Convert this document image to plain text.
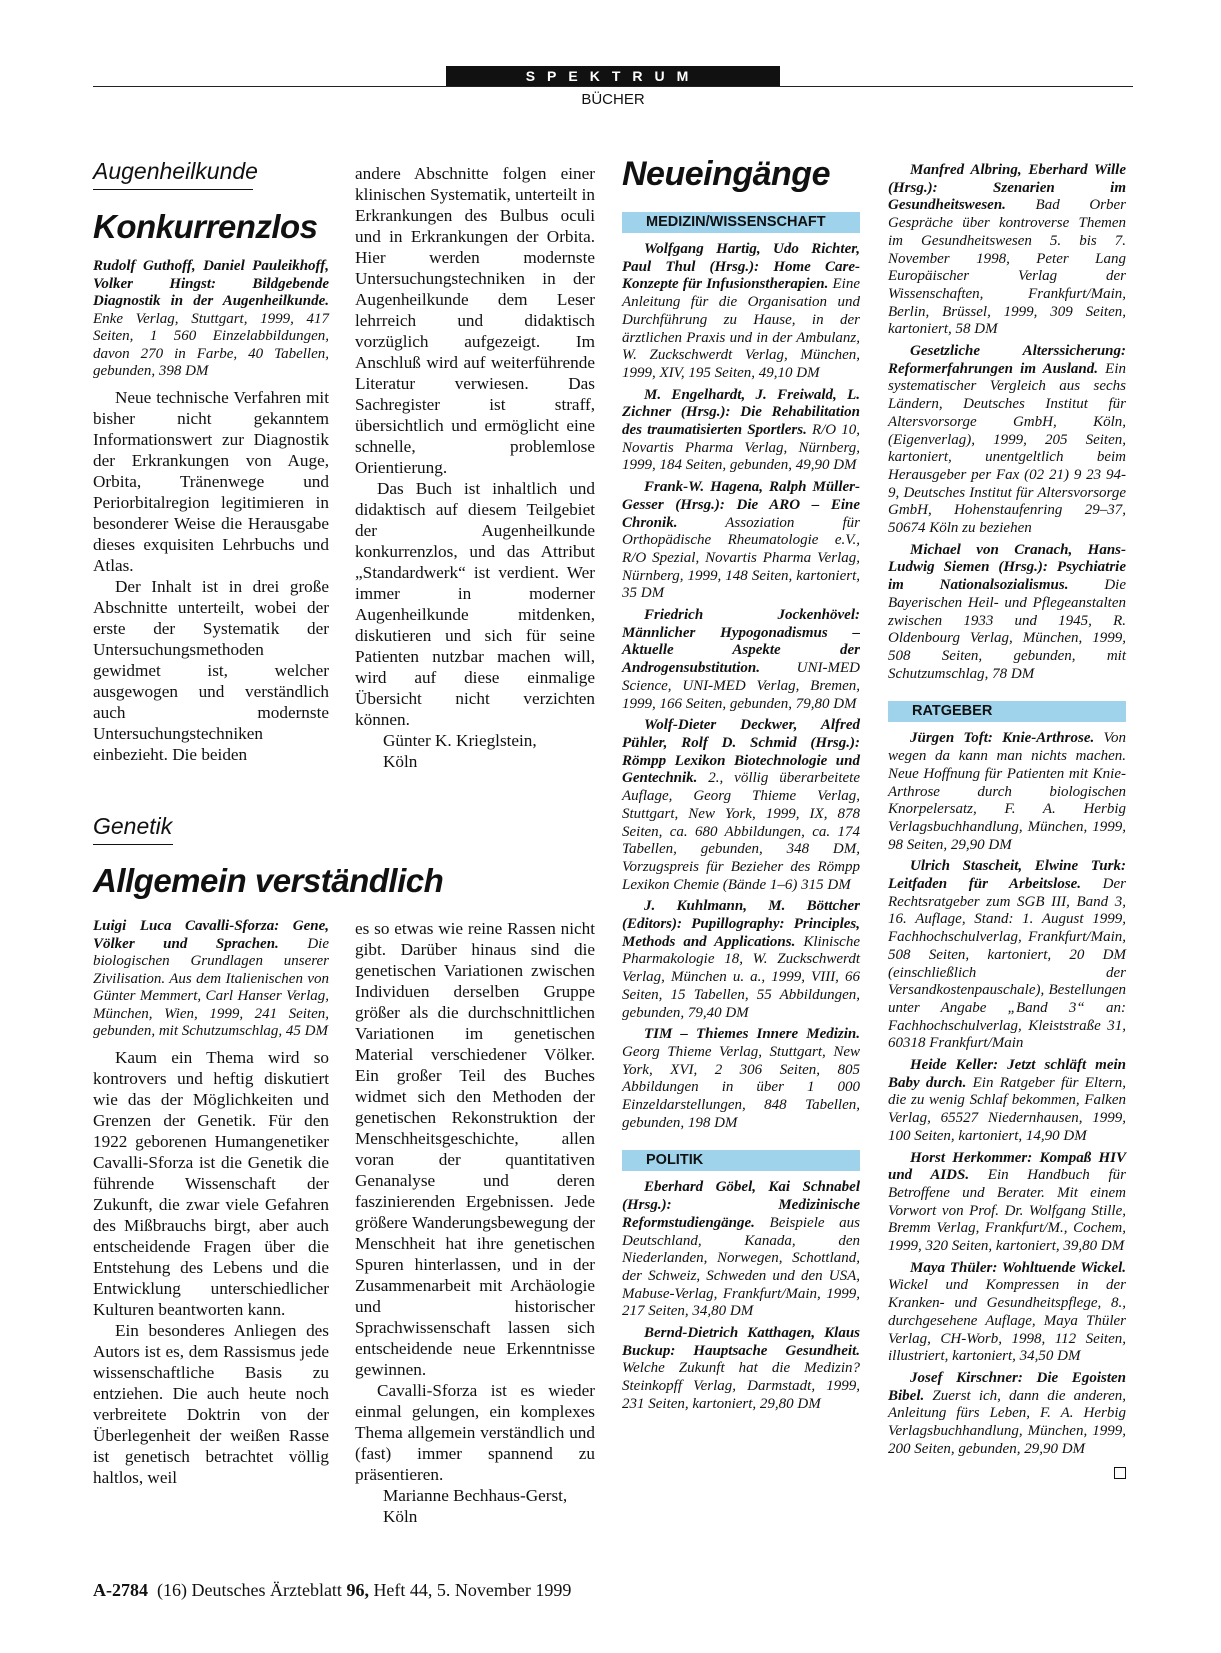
SPEKTRUM
BÜCHER
Augenheilkunde
Konkurrenzlos

Rudolf Guthoff, Daniel Pauleikhoff, Volker Hingst: Bildgebende Diagnostik in der Augenheilkunde. Enke Verlag, Stuttgart, 1999, 417 Seiten, 1 560 Einzelabbildungen, davon 270 in Farbe, 40 Tabellen, gebunden, 398 DM

Neue technische Verfahren mit bisher nicht gekanntem Informationswert zur Diagnostik der Erkrankungen von Auge, Orbita, Tränenwege und Periorbitalregion legitimieren in besonderer Weise die Herausgabe dieses exquisiten Lehrbuchs und Atlas.

Der Inhalt ist in drei große Abschnitte unterteilt, wobei der erste der Systematik der Untersuchungsmethoden gewidmet ist, welcher ausgewogen und verständlich auch modernste Untersuchungstechniken einbezieht. Die beiden

andere Abschnitte folgen einer klinischen Systematik, unterteilt in Erkrankungen des Bulbus oculi und in Erkrankungen der Orbita. Hier werden modernste Untersuchungstechniken in der Augenheilkunde dem Leser lehrreich und didaktisch vorzüglich aufgezeigt. Im Anschluß wird auf weiterführende Literatur verwiesen. Das Sachregister ist straff, übersichtlich und ermöglicht eine schnelle, problemlose Orientierung.

Das Buch ist inhaltlich und didaktisch auf diesem Teilgebiet der Augenheilkunde konkurrenzlos, und das Attribut „Standardwerk“ ist verdient. Wer immer in moderner Augenheilkunde mitdenken, diskutieren und sich für seine Patienten nutzbar machen will, wird auf diese einmalige Übersicht nicht verzichten können.

Günter K. Krieglstein,

Köln

Genetik
Allgemein verständlich

Luigi Luca Cavalli-Sforza: Gene, Völker und Sprachen. Die biologischen Grundlagen unserer Zivilisation. Aus dem Italienischen von Günter Memmert, Carl Hanser Verlag, München, Wien, 1999, 241 Seiten, gebunden, mit Schutzumschlag, 45 DM

Kaum ein Thema wird so kontrovers und heftig diskutiert wie das der Möglichkeiten und Grenzen der Genetik. Für den 1922 geborenen Humangenetiker Cavalli-Sforza ist die Genetik die führende Wissenschaft der Zukunft, die zwar viele Gefahren des Mißbrauchs birgt, aber auch entscheidende Fragen über die Entstehung des Lebens und die Entwicklung unterschiedlicher Kulturen beantworten kann.

Ein besonderes Anliegen des Autors ist es, dem Rassismus jede wissenschaftliche Basis zu entziehen. Die auch heute noch verbreitete Doktrin von der Überlegenheit der weißen Rasse ist genetisch betrachtet völlig haltlos, weil

es so etwas wie reine Rassen nicht gibt. Darüber hinaus sind die genetischen Variationen zwischen Individuen derselben Gruppe größer als die durchschnittlichen Variationen im genetischen Material verschiedener Völker. Ein großer Teil des Buches widmet sich den Methoden der genetischen Rekonstruktion der Menschheitsgeschichte, allen voran der quantitativen Genanalyse und deren faszinierenden Ergebnissen. Jede größere Wanderungsbewegung der Menschheit hat ihre genetischen Spuren hinterlassen, und in der Zusammenarbeit mit Archäologie und historischer Sprachwissenschaft lassen sich entscheidende neue Erkenntnisse gewinnen.

Cavalli-Sforza ist es wieder einmal gelungen, ein komplexes Thema allgemein verständlich und (fast) immer spannend zu präsentieren.

Marianne Bechhaus-Gerst,

Köln

Neueingänge
MEDIZIN/WISSENSCHAFT

Wolfgang Hartig, Udo Richter, Paul Thul (Hrsg.): Home Care-Konzepte für Infusionstherapien. Eine Anleitung für die Organisation und Durchführung zu Hause, in der ärztlichen Praxis und in der Ambulanz, W. Zuckschwerdt Verlag, München, 1999, XIV, 195 Seiten, 49,10 DM

M. Engelhardt, J. Freiwald, L. Zichner (Hrsg.): Die Rehabilitation des traumatisierten Sportlers. R/O 10, Novartis Pharma Verlag, Nürnberg, 1999, 184 Seiten, gebunden, 49,90 DM

Frank-W. Hagena, Ralph Müller-Gesser (Hrsg.): Die ARO – Eine Chronik. Assoziation für Orthopädische Rheumatologie e.V., R/O Spezial, Novartis Pharma Verlag, Nürnberg, 1999, 148 Seiten, kartoniert, 35 DM

Friedrich Jockenhövel: Männlicher Hypogonadismus – Aktuelle Aspekte der Androgensubstitution. UNI-MED Science, UNI-MED Verlag, Bremen, 1999, 166 Seiten, gebunden, 79,80 DM

Wolf-Dieter Deckwer, Alfred Pühler, Rolf D. Schmid (Hrsg.): Römpp Lexikon Biotechnologie und Gentechnik. 2., völlig überarbeitete Auflage, Georg Thieme Verlag, Stuttgart, New York, 1999, IX, 878 Seiten, ca. 680 Abbildungen, ca. 174 Tabellen, gebunden, 348 DM, Vorzugspreis für Bezieher des Römpp Lexikon Chemie (Bände 1–6) 315 DM

J. Kuhlmann, M. Böttcher (Editors): Pupillography: Principles, Methods and Applications. Klinische Pharmakologie 18, W. Zuckschwerdt Verlag, München u. a., 1999, VIII, 66 Seiten, 15 Tabellen, 55 Abbildungen, gebunden, 79,40 DM

TIM – Thiemes Innere Medizin. Georg Thieme Verlag, Stuttgart, New York, XVI, 2 306 Seiten, 805 Abbildungen in über 1 000 Einzeldarstellungen, 848 Tabellen, gebunden, 198 DM

POLITIK

Eberhard Göbel, Kai Schnabel (Hrsg.): Medizinische Reformstudiengänge. Beispiele aus Deutschland, Kanada, den Niederlanden, Norwegen, Schottland, der Schweiz, Schweden und den USA, Mabuse-Verlag, Frankfurt/Main, 1999, 217 Seiten, 34,80 DM

Bernd-Dietrich Katthagen, Klaus Buckup: Hauptsache Gesundheit. Welche Zukunft hat die Medizin? Steinkopff Verlag, Darmstadt, 1999, 231 Seiten, kartoniert, 29,80 DM

Manfred Albring, Eberhard Wille (Hrsg.): Szenarien im Gesundheitswesen. Bad Orber Gespräche über kontroverse Themen im Gesundheitswesen 5. bis 7. November 1998, Peter Lang Europäischer Verlag der Wissenschaften, Frankfurt/Main, Berlin, Brüssel, 1999, 309 Seiten, kartoniert, 58 DM

Gesetzliche Alterssicherung: Reformerfahrungen im Ausland. Ein systematischer Vergleich aus sechs Ländern, Deutsches Institut für Altersvorsorge GmbH, Köln, (Eigenverlag), 1999, 205 Seiten, kartoniert, unentgeltlich beim Herausgeber per Fax (02 21) 9 23 94-9, Deutsches Institut für Altersvorsorge GmbH, Hohenstaufenring 29–37, 50674 Köln zu beziehen

Michael von Cranach, Hans-Ludwig Siemen (Hrsg.): Psychiatrie im Nationalsozialismus. Die Bayerischen Heil- und Pflegeanstalten zwischen 1933 und 1945, R. Oldenbourg Verlag, München, 1999, 508 Seiten, gebunden, mit Schutzumschlag, 78 DM

RATGEBER

Jürgen Toft: Knie-Arthrose. Von wegen da kann man nichts machen. Neue Hoffnung für Patienten mit Knie-Arthrose durch biologischen Knorpelersatz, F. A. Herbig Verlagsbuchhandlung, München, 1999, 98 Seiten, 29,90 DM

Ulrich Stascheit, Elwine Turk: Leitfaden für Arbeitslose. Der Rechtsratgeber zum SGB III, Band 3, 16. Auflage, Stand: 1. August 1999, Fachhochschulverlag, Frankfurt/Main, 508 Seiten, kartoniert, 20 DM (einschließlich der Versandkostenpauschale), Bestellungen unter Angabe „Band 3“ an: Fachhochschulverlag, Kleiststraße 31, 60318 Frankfurt/Main

Heide Keller: Jetzt schläft mein Baby durch. Ein Ratgeber für Eltern, die zu wenig Schlaf bekommen, Falken Verlag, 65527 Niedernhausen, 1999, 100 Seiten, kartoniert, 14,90 DM

Horst Herkommer: Kompaß HIV und AIDS. Ein Handbuch für Betroffene und Berater. Mit einem Vorwort von Prof. Dr. Wolfgang Stille, Bremm Verlag, Frankfurt/M., Cochem, 1999, 320 Seiten, kartoniert, 39,80 DM

Maya Thüler: Wohltuende Wickel. Wickel und Kompressen in der Kranken- und Gesundheitspflege, 8., durchgesehene Auflage, Maya Thüler Verlag, CH-Worb, 1998, 112 Seiten, illustriert, kartoniert, 34,50 DM

Josef Kirschner: Die Egoisten Bibel. Zuerst ich, dann die anderen, Anleitung fürs Leben, F. A. Herbig Verlagsbuchhandlung, München, 1999, 200 Seiten, gebunden, 29,90 DM

A-2784  (16) Deutsches Ärzteblatt 96, Heft 44, 5. November 1999
